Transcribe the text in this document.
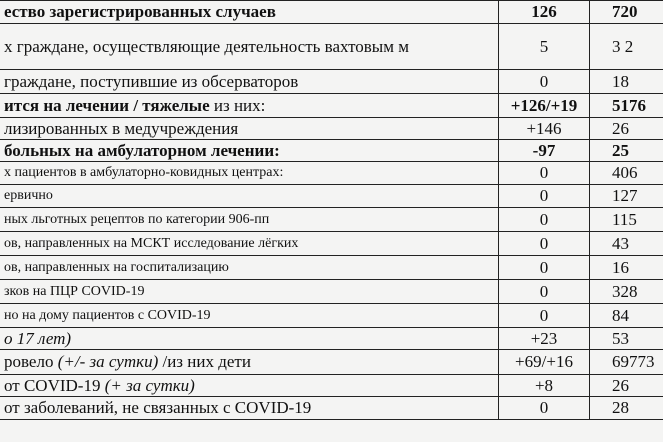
ество зарегистрированных случаев	126	720
х граждане, осуществляющие деятельность вахтовым м	5	3 2
граждане, поступившие из обсерваторов	0	18
ится на лечении / тяжелые из них:	+126/+19	5176
лизированных в медучреждения	+146	26
больных на амбулаторном лечении:	-97	25
х пациентов в амбулаторно-ковидных центрах:	0	406
ервично	0	127
ных льготных рецептов по категории 906-пп	0	115
ов, направленных на МСКТ исследование лёгких	0	43
ов, направленных на госпитализацию	0	16
зков на ПЦР COVID-19	0	328
но на дому пациентов с COVID-19	0	84
о 17 лет)	+23	53
ровело (+/- за сутки) /из них дети	+69/+16	69773
от COVID-19 (+ за сутки)	+8	26
от заболеваний, не связанных с COVID-19	0	28
